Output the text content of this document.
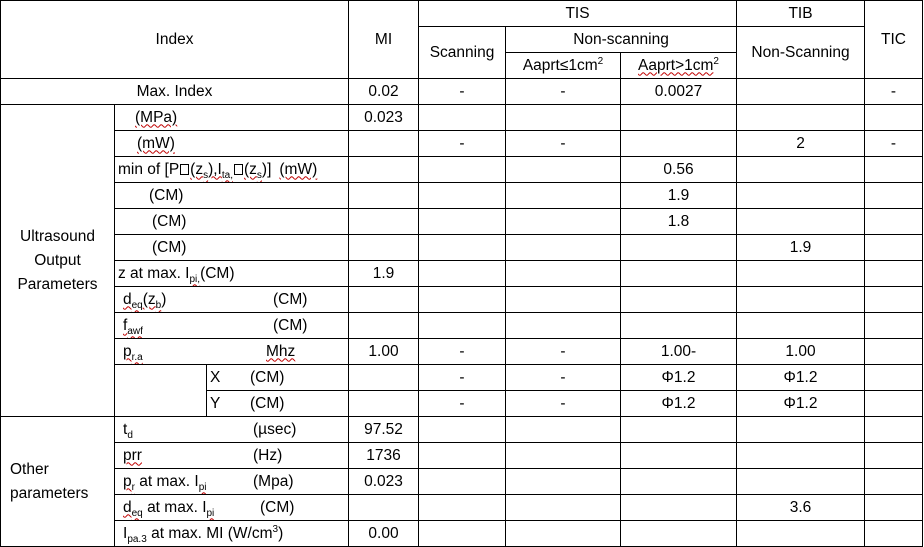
Index			MI	TIS			TIB	TIC
				Scanning	Non-scanning		Non-Scanning	
					$Aaprt\le 1cm^2$	$Aaprt>1cm^2$
Max. Index			0.02	-	-	0.0027		-

Ultrasound
Output
Parameters	(MPa)		0.023					
	(mW)			-	-		2	-
	min of [P $(z_s),I_{ta,}$ $(z_s)$] (mW)					0.56		
	(CM)					1.9		
	(CM)					1.8		
	(CM)						1.9	
	z at max. $I_{pi,}(CM)$		1.9					
	$d_{eq}(z_b)$ (CM)							
	$f_{awf}$ (CM)							
	$p_{r.a}$ Mhz		1.00	-	-	1.00-	1.00	
		X (CM)		-	-	Φ1.2	Φ1.2	
		Y (CM)		-	-	Φ1.2	Φ1.2	

Other
parameters	$t_d$ (µsec)		97.52					
	prr (Hz)		1736					
	$p_r$ at max. $I_{pi}$ (Mpa)		0.023					
	$d_{eq}$ at max. $I_{pi}$ (CM)						3.6	
	$I_{pa.3}$ at max. MI $(W/cm^3)$		0.00					
